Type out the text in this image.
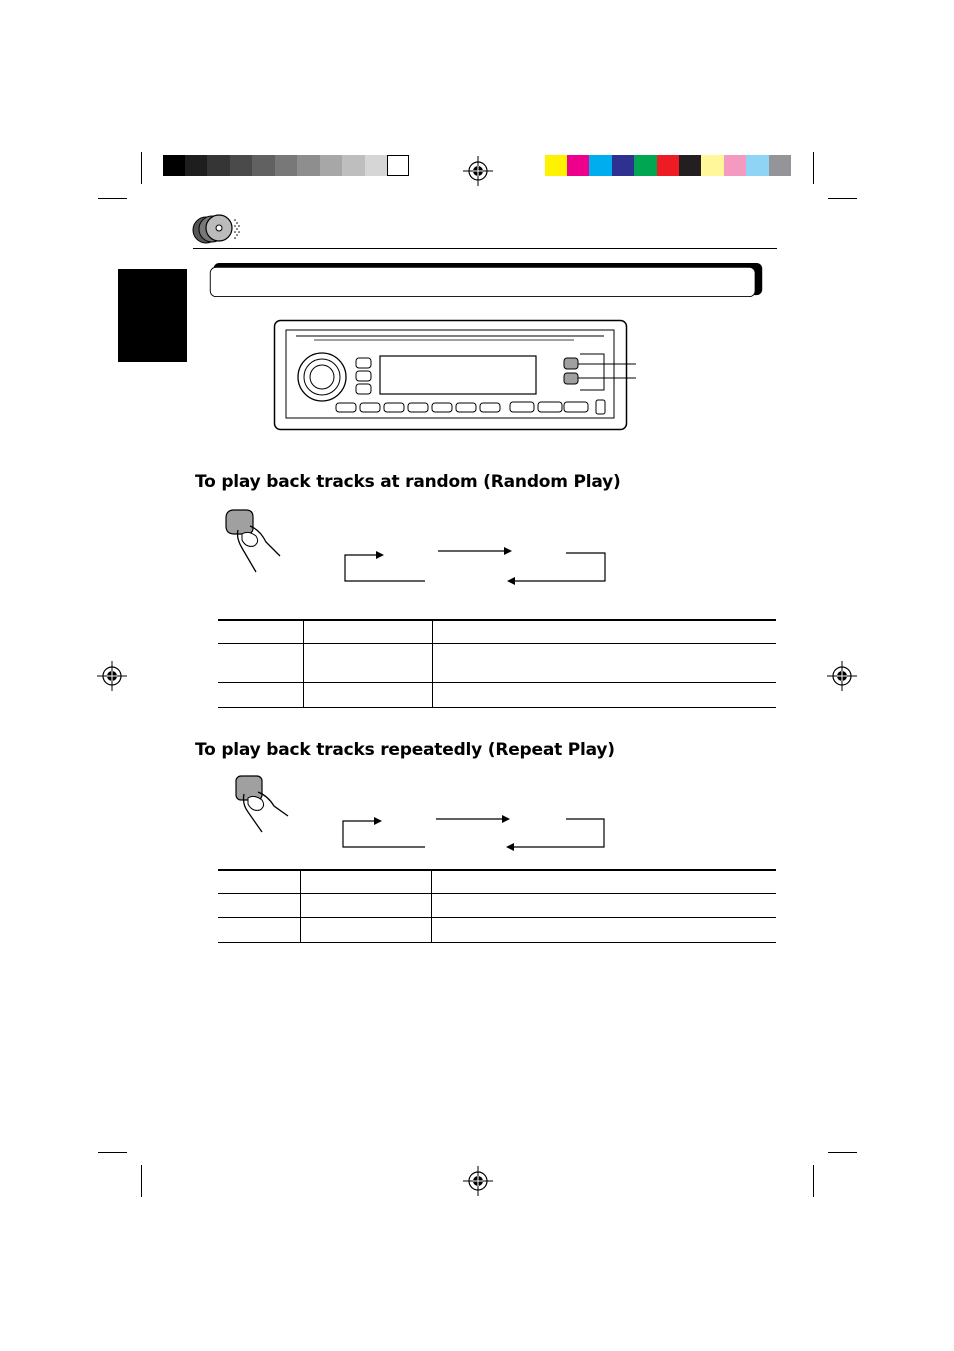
To play back tracks at random (Random Play)
To play back tracks repeatedly (Repeat Play)
